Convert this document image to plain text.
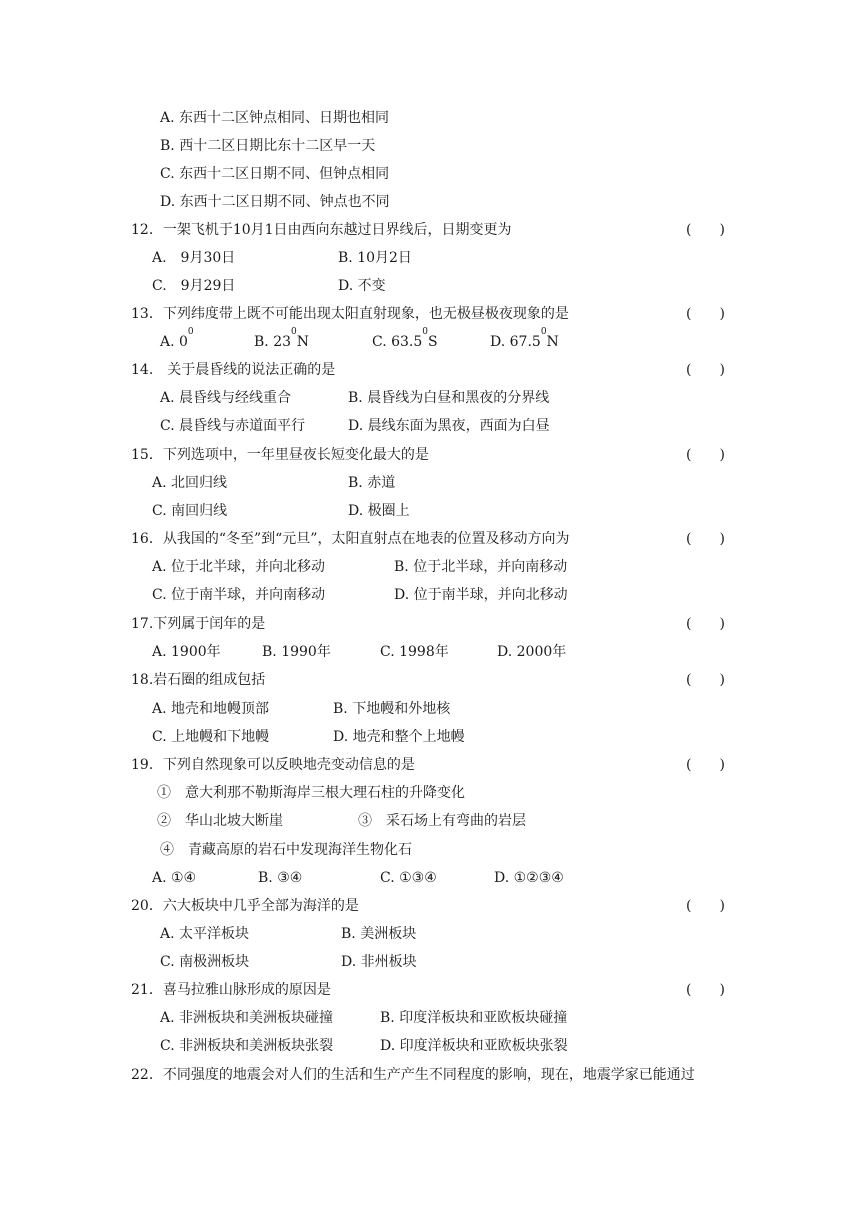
A. 东西十二区钟点相同、日期也相同
B. 西十二区日期比东十二区早一天
C. 东西十二区日期不同、但钟点相同
D. 东西十二区日期不同、钟点也不同
12．一架飞机于10月1日由西向东越过日界线后，日期变更为	(　　)
A.　9月30日	B. 10月2日
C.　9月29日	D. 不变
13．下列纬度带上既不可能出现太阳直射现象，也无极昼极夜现象的是	(　　)
A. $0^0$
B. $23^0N$	C. 63.5$^0$S	D. 67.5$^0$N
14.　关于晨昏线的说法正确的是	(　　)
A. 晨昏线与经线重合	B. 晨昏线为白昼和黑夜的分界线
C. 晨昏线与赤道面平行	D. 晨线东面为黑夜，西面为白昼
15．下列选项中，一年里昼夜长短变化最大的是	(　　)
A. 北回归线	B. 赤道
C. 南回归线	D. 极圈上
16．从我国的“冬至”到“元旦”，太阳直射点在地表的位置及移动方向为	(　　)
A. 位于北半球，并向北移动	B. 位于北半球，并向南移动
C. 位于南半球，并向南移动	D. 位于南半球，并向北移动
17.下列属于闰年的是	(　　)
A. 1900年	B. 1990年	C. 1998年	D. 2000年
18.岩石圈的组成包括	(　　)
A. 地壳和地幔顶部	B. 下地幔和外地核
C. 上地幔和下地幔	D. 地壳和整个上地幔
19．下列自然现象可以反映地壳变动信息的是	(　　)
①　意大利那不勒斯海岸三根大理石柱的升降变化
②　华山北坡大断崖	③　采石场上有弯曲的岩层
④　青藏高原的岩石中发现海洋生物化石
A. ①④	B. ③④	C. ①③④	D. ①②③④
20．六大板块中几乎全部为海洋的是	(　　)
A. 太平洋板块	B. 美洲板块
C. 南极洲板块	D. 非州板块
21．喜马拉雅山脉形成的原因是	(　　)
A. 非洲板块和美洲板块碰撞	B. 印度洋板块和亚欧板块碰撞
C. 非洲板块和美洲板块张裂	D. 印度洋板块和亚欧板块张裂
22．不同强度的地震会对人们的生活和生产产生不同程度的影响，现在，地震学家已能通过
